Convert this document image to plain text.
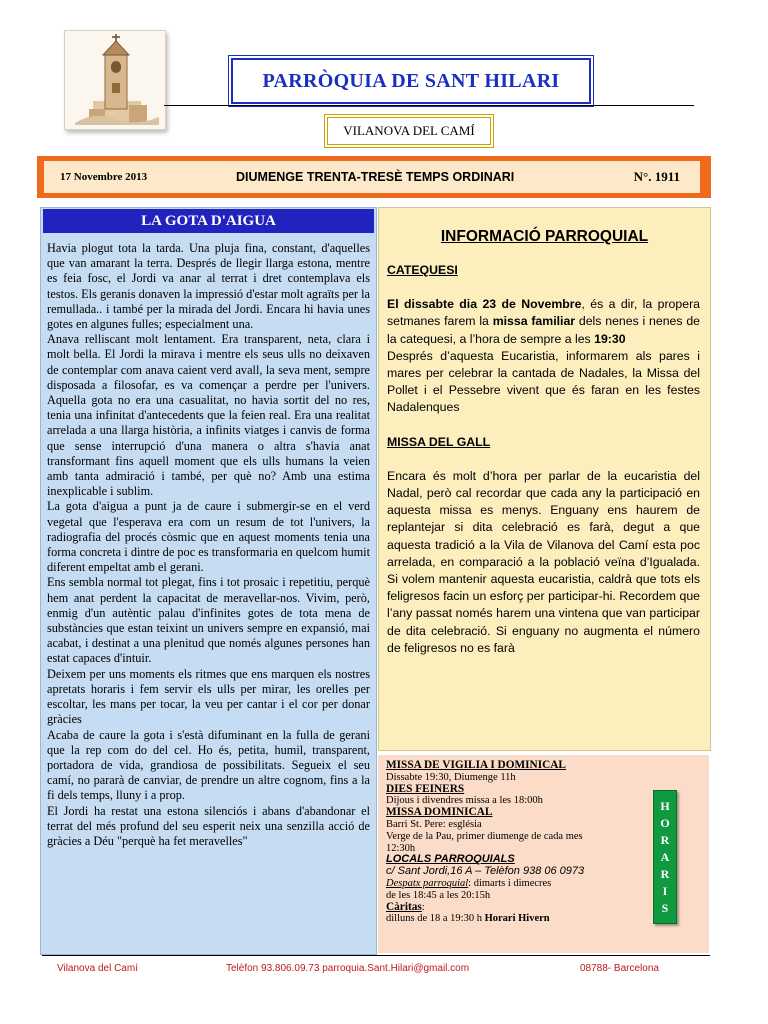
PARRÒQUIA DE SANT HILARI
VILANOVA DEL CAMÍ
17 Novembre 2013	DIUMENGE TRENTA-TRESÈ TEMPS ORDINARI	N°. 1911
LA GOTA D'AIGUA

Havia plogut tota la tarda. Una pluja fina, constant, d'aquelles que van amarant la terra. Després de llegir llarga estona, mentre es feia fosc, el Jordi va anar al terrat i dret contemplava els testos. Els geranis donaven la impressió d'estar molt agraïts per la remullada.. i també per la mirada del Jordi. Encara hi havia unes gotes en algunes fulles; especialment una.

Anava relliscant molt lentament. Era transparent, neta, clara i molt bella. El Jordi la mirava i mentre els seus ulls no deixaven de contemplar com anava caient verd avall, la seva ment, sempre disposada a filosofar, es va començar a perdre per l'univers. Aquella gota no era una casualitat, no havia sortit del no res, tenia una infinitat d'antecedents que la feien real. Era una realitat arrelada a una llarga història, a infinits viatges i canvis de forma que sense interrupció d'una manera o altra s'havia anat transformant fins aquell moment que els ulls humans la veien amb tanta admiració i també, per què no? Amb una estima inexplicable i sublim.

La gota d'aigua a punt ja de caure i submergir-se en el verd vegetal que l'esperava era com un resum de tot l'univers, la radiografia del procés còsmic que en aquest moments tenia una forma concreta i dintre de poc es transformaria en quelcom humit diferent empeltat amb el gerani.

Ens sembla normal tot plegat, fins i tot prosaic i repetitiu, perquè hem anat perdent la capacitat de meravellar-nos. Vivim, però, enmig d'un autèntic palau d'infinites gotes de tota mena de substàncies que estan teixint un univers sempre en expansió, mai acabat, i destinat a una plenitud que només algunes persones han estat capaces d'intuir.

Deixem per uns moments els ritmes que ens marquen els nostres apretats horaris i fem servir els ulls per mirar, les orelles per escoltar, les mans per tocar, la veu per cantar i el cor per donar gràcies

Acaba de caure la gota i s'està difuminant en la fulla de gerani que la rep com do del cel. Ho és, petita, humil, transparent, portadora de vida, grandiosa de possibilitats. Segueix el seu camí, no pararà de canviar, de prendre un altre cognom, fins a la fi dels temps, lluny i a prop.

El Jordi ha restat una estona silenciós i abans d'abandonar el terrat del més profund del seu esperit neix una senzilla acció de gràcies a Déu "perquè ha fet meravelles"

INFORMACIÓ PARROQUIAL

CATEQUESI

El dissabte dia 23 de Novembre, és a dir, la propera setmanes farem la missa familiar dels nenes i nenes de la catequesi, a l’hora de sempre a les 19:30

Després d’aquesta Eucaristia, informarem als pares i mares per celebrar la cantada de Nadales, la Missa del Pollet i el Pessebre vivent que és faran en les festes Nadalenques

MISSA DEL GALL

Encara és molt d’hora per parlar de la eucaristia del Nadal, però cal recordar que cada any la participació en aquesta missa es menys. Enguany ens haurem de replantejar si dita celebració es farà, degut a que aquesta tradició a la Vila de Vilanova del Camí esta poc arrelada, en comparació a la població veïna d’Igualada. Si volem mantenir aquesta eucaristia, caldrà que tots els feligresos facin un esforç per participar-hi. Recordem que l’any passat només harem una vintena que van participar de dita celebració. Si enguany no augmenta el número de feligresos no es farà

MISSA DE VIGILIA I DOMINICAL
Dissabte 19:30, Diumenge 11h
DIES FEINERS
Dijous i divendres missa a les 18:00h
MISSA DOMINICAL
Barri St. Pere: església
Verge de la Pau, primer diumenge de cada mes
12:30h
LOCALS PARROQUIALS
c/ Sant Jordi,16 A – Telèfon 938 06 0973
Despatx parroquial: dimarts i dimecres
de les 18:45 a les 20:15h
Càritas:
dilluns de 18 a 19:30 h Horari Hivern
H
O
R
A
R
I
S
Vilanova del Camí	Telèfon 93.806.09.73 parroquia.Sant.Hilari@gmail.com	08788- Barcelona
